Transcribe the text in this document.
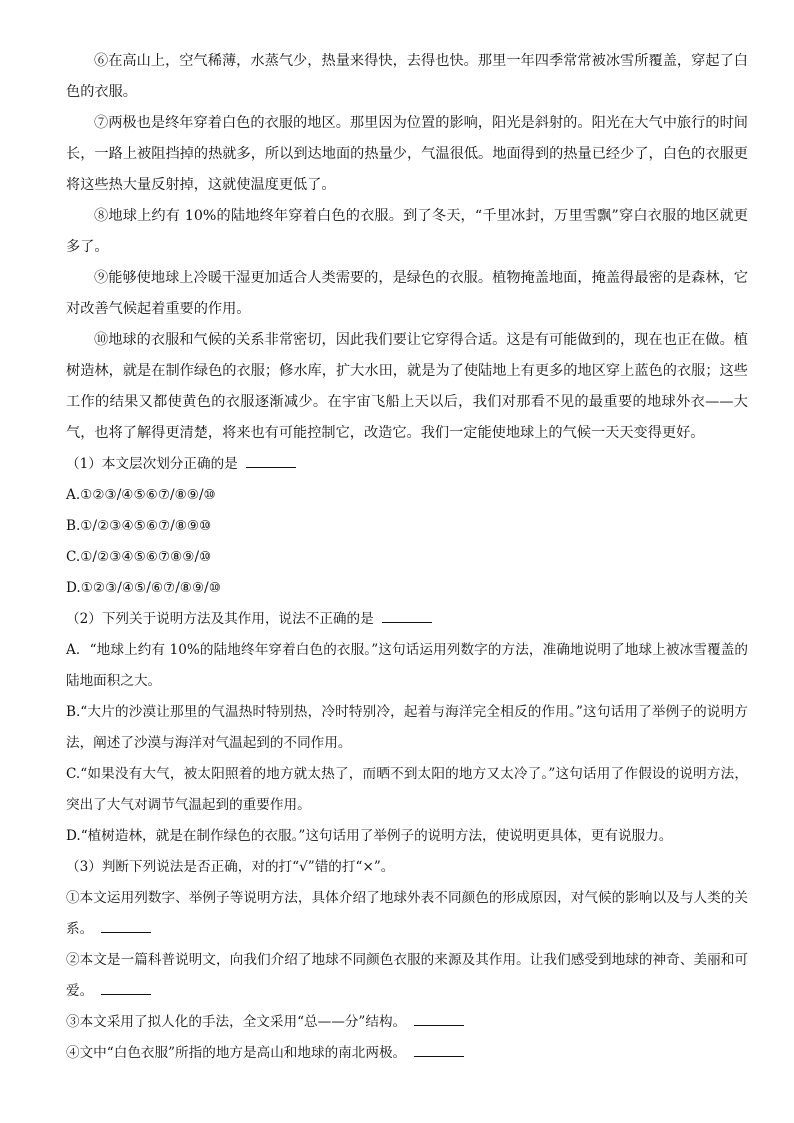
⑥在高山上，空气稀薄，水蒸气少，热量来得快，去得也快。那里一年四季常常被冰雪所覆盖，穿起了白色的衣服。

⑦两极也是终年穿着白色的衣服的地区。那里因为位置的影响，阳光是斜射的。阳光在大气中旅行的时间长，一路上被阻挡掉的热就多，所以到达地面的热量少，气温很低。地面得到的热量已经少了，白色的衣服更将这些热大量反射掉，这就使温度更低了。

⑧地球上约有 10%的陆地终年穿着白色的衣服。到了冬天，“千里冰封，万里雪飘”穿白衣服的地区就更多了。

⑨能够使地球上冷暖干湿更加适合人类需要的，是绿色的衣服。植物掩盖地面，掩盖得最密的是森林，它对改善气候起着重要的作用。

⑩地球的衣服和气候的关系非常密切，因此我们要让它穿得合适。这是有可能做到的，现在也正在做。植树造林，就是在制作绿色的衣服；修水库，扩大水田，就是为了使陆地上有更多的地区穿上蓝色的衣服；这些工作的结果又都使黄色的衣服逐渐减少。在宇宙飞船上天以后，我们对那看不见的最重要的地球外衣——大气，也将了解得更清楚，将来也有可能控制它，改造它。我们一定能使地球上的气候一天天变得更好。

（1）本文层次划分正确的是

A.①②③/④⑤⑥⑦/⑧⑨/⑩

B.①/②③④⑤⑥⑦/⑧⑨⑩

C.①/②③④⑤⑥⑦⑧⑨/⑩

D.①②③/④⑤/⑥⑦/⑧⑨/⑩

（2）下列关于说明方法及其作用，说法不正确的是

A．“地球上约有 10%的陆地终年穿着白色的衣服。”这句话运用列数字的方法，准确地说明了地球上被冰雪覆盖的陆地面积之大。

B.“大片的沙漠让那里的气温热时特别热，冷时特别冷，起着与海洋完全相反的作用。”这句话用了举例子的说明方法，阐述了沙漠与海洋对气温起到的不同作用。

C.“如果没有大气，被太阳照着的地方就太热了，而晒不到太阳的地方又太冷了。”这句话用了作假设的说明方法，突出了大气对调节气温起到的重要作用。

D.“植树造林，就是在制作绿色的衣服。”这句话用了举例子的说明方法，使说明更具体，更有说服力。

（3）判断下列说法是否正确，对的打“√”错的打“×”。

①本文运用列数字、举例子等说明方法，具体介绍了地球外表不同颜色的形成原因，对气候的影响以及与人类的关系。

②本文是一篇科普说明文，向我们介绍了地球不同颜色衣服的来源及其作用。让我们感受到地球的神奇、美丽和可爱。

③本文采用了拟人化的手法，全文采用“总——分”结构。

④文中“白色衣服”所指的地方是高山和地球的南北两极。
